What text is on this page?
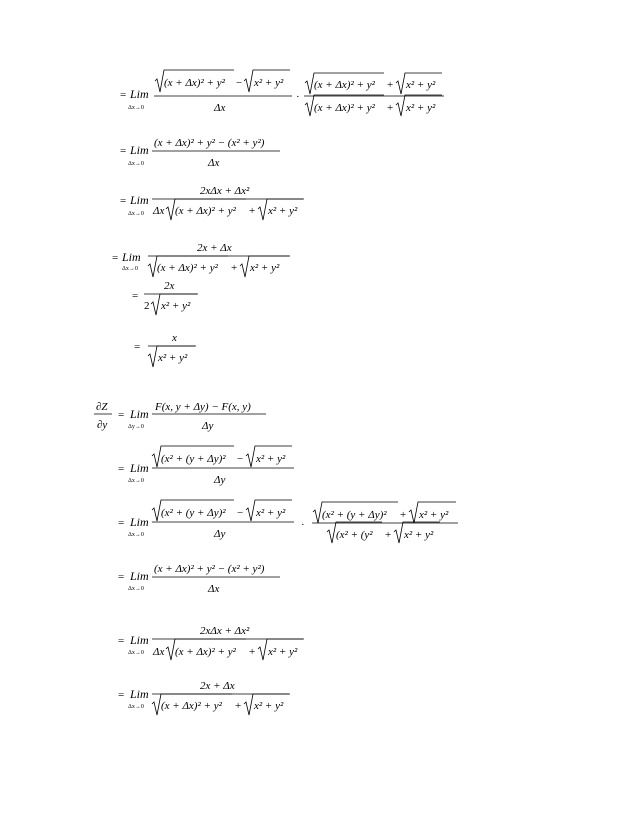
= Lim
Δx→0
(x + Δx)² + y² − x² + y²
Δx
·
(x + Δx)² + y² + x² + y²
(x + Δx)² + y² + x² + y²
= Lim
Δx→0
(x + Δx)² + y² − (x² + y²)
Δx
= Lim
Δx→0
2xΔx + Δx²
Δx (x + Δx)² + y² + x² + y²
= Lim
Δx→0
2x + Δx
(x + Δx)² + y² + x² + y²
=
2x
2 x² + y²
=
x
x² + y²
∂Z
∂y
= Lim
Δy→0
F(x, y + Δy) − F(x, y)
Δy
= Lim
Δx→0
(x² + (y + Δy)² − x² + y²
Δy
= Lim
Δx→0
(x² + (y + Δy)² − x² + y²
Δy
·
(x² + (y + Δy)² + x² + y²
(x² + (y² + x² + y²
= Lim
Δx→0
(x + Δx)² + y² − (x² + y²)
Δx
= Lim
Δx→0
2xΔx + Δx²
Δx (x + Δx)² + y² + x² + y²
= Lim
Δx→0
2x + Δx
(x + Δx)² + y² + x² + y²
